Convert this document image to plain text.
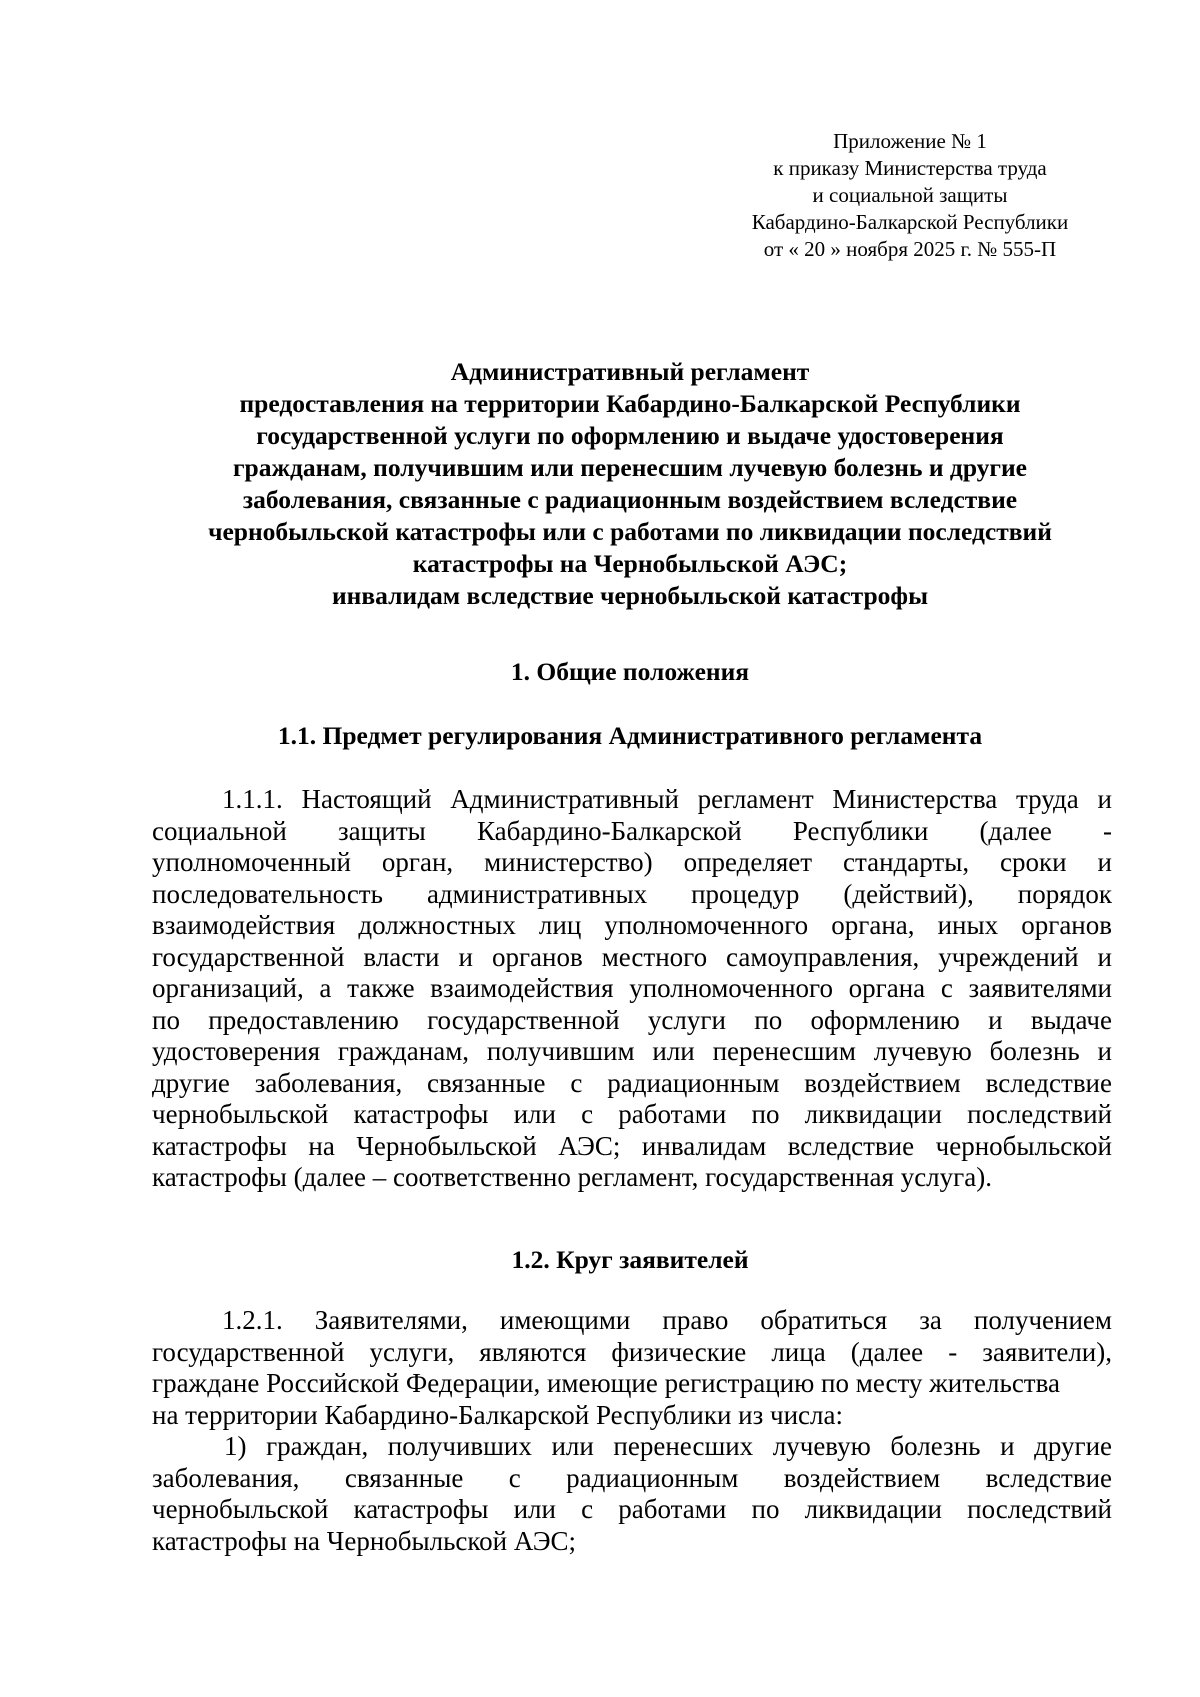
Приложение № 1
к приказу Министерства труда
и социальной защиты
Кабардино-Балкарской Республики
от « 20 » ноября 2025 г. № 555-П
Административный регламент
предоставления на территории Кабардино-Балкарской Республики
государственной услуги по оформлению и выдаче удостоверения
гражданам, получившим или перенесшим лучевую болезнь и другие
заболевания, связанные с радиационным воздействием вследствие
чернобыльской катастрофы или с работами по ликвидации последствий
катастрофы на Чернобыльской АЭС;
инвалидам вследствие чернобыльской катастрофы
1. Общие положения
1.1. Предмет регулирования Административного регламента
1.1.1. Настоящий Административный регламент Министерства труда и
социальной защиты Кабардино-Балкарской Республики (далее -
уполномоченный орган, министерство) определяет стандарты, сроки и
последовательность административных процедур (действий), порядок
взаимодействия должностных лиц уполномоченного органа, иных органов
государственной власти и органов местного самоуправления, учреждений и
организаций, а также взаимодействия уполномоченного органа с заявителями
по предоставлению государственной услуги по оформлению и выдаче
удостоверения гражданам, получившим или перенесшим лучевую болезнь и
другие заболевания, связанные с радиационным воздействием вследствие
чернобыльской катастрофы или с работами по ликвидации последствий
катастрофы на Чернобыльской АЭС; инвалидам вследствие чернобыльской
катастрофы (далее – соответственно регламент, государственная услуга).
1.2. Круг заявителей
1.2.1. Заявителями, имеющими право обратиться за получением
государственной услуги, являются физические лица (далее - заявители),
граждане Российской Федерации, имеющие регистрацию по месту жительства
на территории Кабардино-Балкарской Республики из числа:
1) граждан, получивших или перенесших лучевую болезнь и другие
заболевания, связанные с радиационным воздействием вследствие
чернобыльской катастрофы или с работами по ликвидации последствий
катастрофы на Чернобыльской АЭС;
